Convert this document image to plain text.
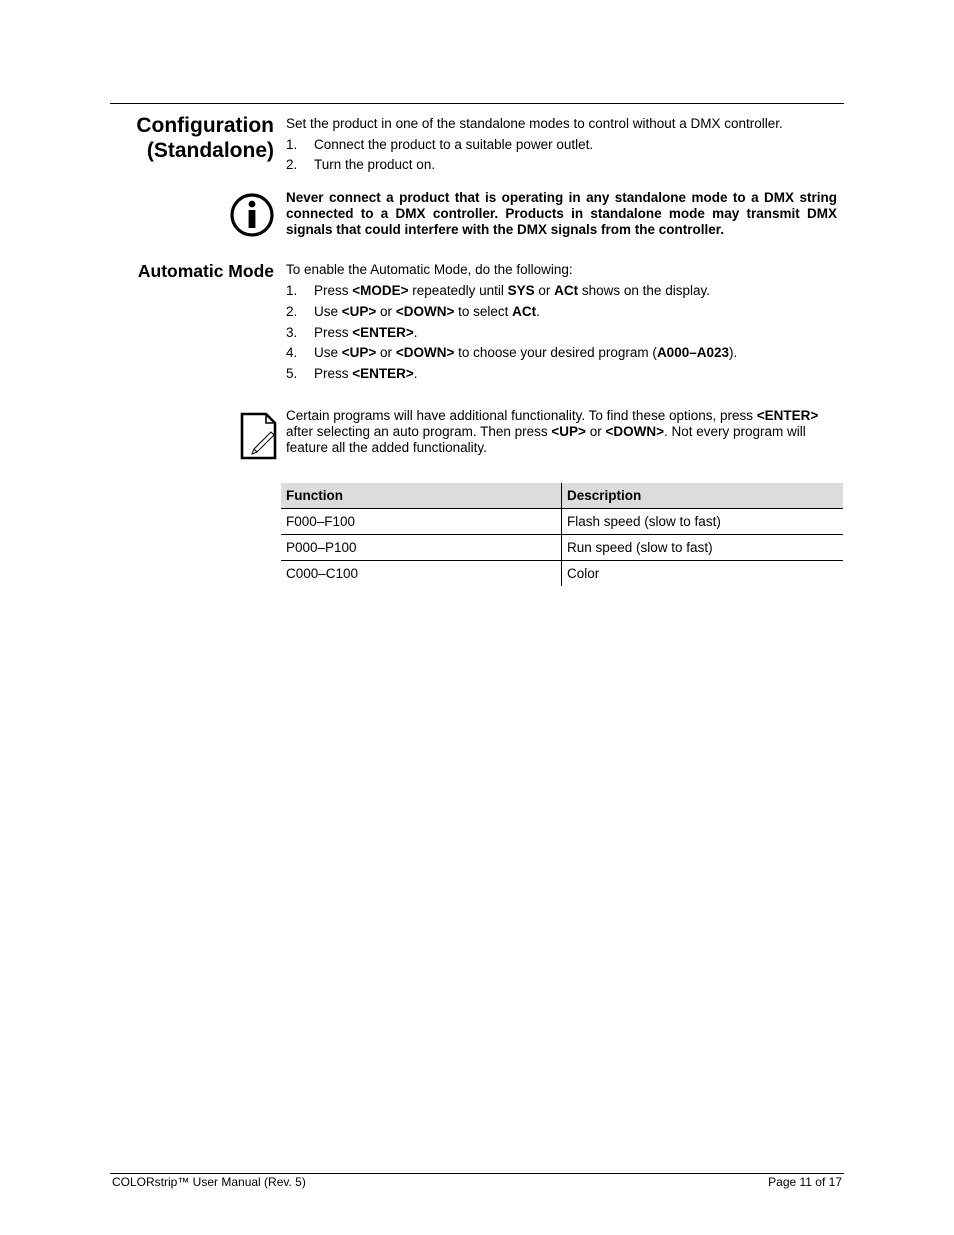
Configuration
(Standalone)

Set the product in one of the standalone modes to control without a DMX controller.

1. Connect the product to a suitable power outlet.
2. Turn the product on.

Never connect a product that is operating in any standalone mode to a DMX string connected to a DMX controller. Products in standalone mode may transmit DMX signals that could interfere with the DMX signals from the controller.

Automatic Mode To enable the Automatic Mode, do the following:

1. Press <MODE> repeatedly until SYS or ACt shows on the display.
2. Use <UP> or <DOWN> to select ACt.
3. Press <ENTER>.
4. Use <UP> or <DOWN> to choose your desired program (A000–A023).
5. Press <ENTER>.

Certain programs will have additional functionality. To find these options, press <ENTER> after selecting an auto program. Then press <UP> or <DOWN>. Not every program will feature all the added functionality.

Function	Description
F000–F100	Flash speed (slow to fast)
P000–P100	Run speed (slow to fast)
C000–C100	Color
COLORstrip™ User Manual (Rev. 5)	Page 11 of 17
